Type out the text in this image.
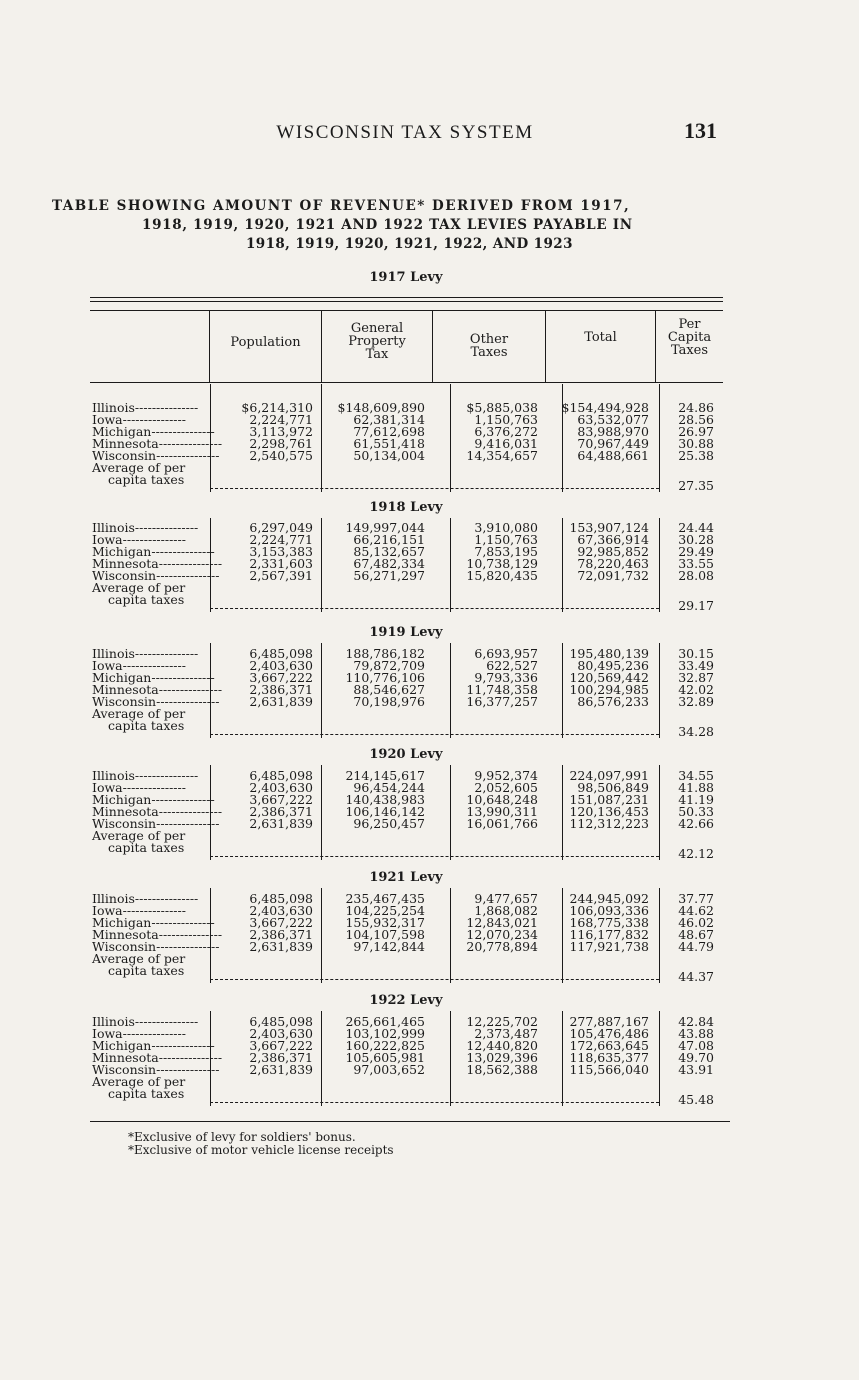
WISCONSIN TAX SYSTEM	131
TABLE SHOWING AMOUNT OF REVENUE* DERIVED FROM 1917,
1918, 1919, 1920, 1921 AND 1922 TAX LEVIES PAYABLE IN
1918, 1919, 1920, 1921, 1922, AND 1923
1917 Levy
Population
General
Property
Tax
Other
Taxes
Total
Per
Capita
Taxes
Illinois---------------
Iowa---------------
Michigan---------------
Minnesota---------------
Wisconsin---------------
Average of per
capita taxes
$6,214,310
2,224,771
3,113,972
2,298,761
2,540,575
$148,609,890
62,381,314
77,612,698
61,551,418
50,134,004
$5,885,038
1,150,763
6,376,272
9,416,031
14,354,657
$154,494,928
63,532,077
83,988,970
70,967,449
64,488,661
24.86
28.56
26.97
30.88
25.38
27.35
1918 Levy
Illinois---------------
Iowa---------------
Michigan---------------
Minnesota---------------
Wisconsin---------------
Average of per
capita taxes
6,297,049
2,224,771
3,153,383
2,331,603
2,567,391
149,997,044
66,216,151
85,132,657
67,482,334
56,271,297
3,910,080
1,150,763
7,853,195
10,738,129
15,820,435
153,907,124
67,366,914
92,985,852
78,220,463
72,091,732
24.44
30.28
29.49
33.55
28.08
29.17
1919 Levy
Illinois---------------
Iowa---------------
Michigan---------------
Minnesota---------------
Wisconsin---------------
Average of per
capita taxes
6,485,098
2,403,630
3,667,222
2,386,371
2,631,839
188,786,182
79,872,709
110,776,106
88,546,627
70,198,976
6,693,957
622,527
9,793,336
11,748,358
16,377,257
195,480,139
80,495,236
120,569,442
100,294,985
86,576,233
30.15
33.49
32.87
42.02
32.89
34.28
1920 Levy
Illinois---------------
Iowa---------------
Michigan---------------
Minnesota---------------
Wisconsin---------------
Average of per
capita taxes
6,485,098
2,403,630
3,667,222
2,386,371
2,631,839
214,145,617
96,454,244
140,438,983
106,146,142
96,250,457
9,952,374
2,052,605
10,648,248
13,990,311
16,061,766
224,097,991
98,506,849
151,087,231
120,136,453
112,312,223
34.55
41.88
41.19
50.33
42.66
42.12
1921 Levy
Illinois---------------
Iowa---------------
Michigan---------------
Minnesota---------------
Wisconsin---------------
Average of per
capita taxes
6,485,098
2,403,630
3,667,222
2,386,371
2,631,839
235,467,435
104,225,254
155,932,317
104,107,598
97,142,844
9,477,657
1,868,082
12,843,021
12,070,234
20,778,894
244,945,092
106,093,336
168,775,338
116,177,832
117,921,738
37.77
44.62
46.02
48.67
44.79
44.37
1922 Levy
Illinois---------------
Iowa---------------
Michigan---------------
Minnesota---------------
Wisconsin---------------
Average of per
capita taxes
6,485,098
2,403,630
3,667,222
2,386,371
2,631,839
265,661,465
103,102,999
160,222,825
105,605,981
97,003,652
12,225,702
2,373,487
12,440,820
13,029,396
18,562,388
277,887,167
105,476,486
172,663,645
118,635,377
115,566,040
42.84
43.88
47.08
49.70
43.91
45.48
*Exclusive of levy for soldiers' bonus.
*Exclusive of motor vehicle license receipts
